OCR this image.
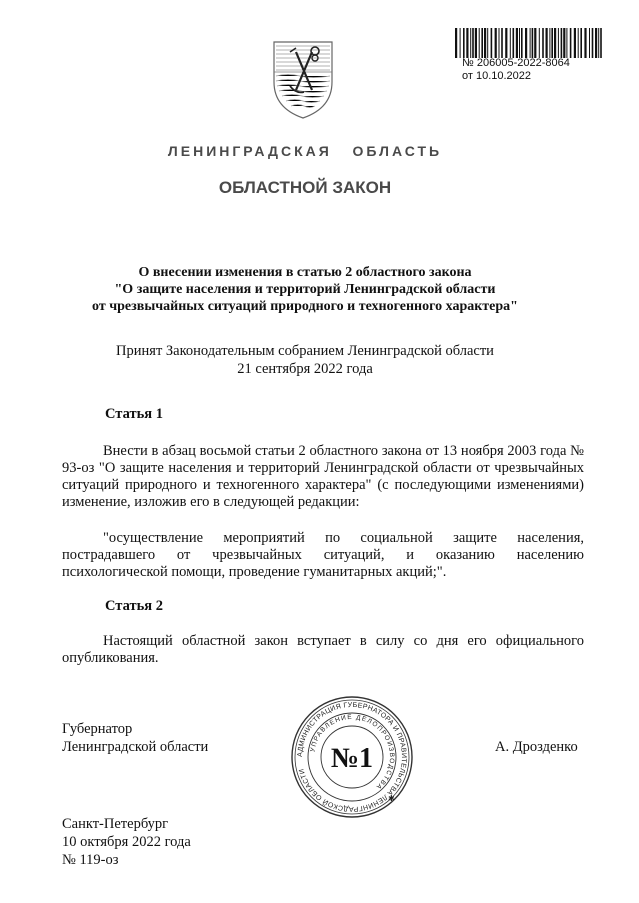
№ 206005-2022-8064
от 10.10.2022
ЛЕНИНГРАДСКАЯ   ОБЛАСТЬ
ОБЛАСТНОЙ ЗАКОН
О внесении изменения в статью 2 областного закона
"О защите населения и территорий Ленинградской области
от чрезвычайных ситуаций природного и техногенного характера"
Принят Законодательным собранием Ленинградской области
21 сентября 2022 года
Статья 1
Внести в абзац восьмой статьи 2 областного закона от 13 ноября 2003 года № 93-оз "О защите населения и территорий Ленинградской области от чрезвычайных ситуаций природного и техногенного характера" (с последующими изменениями) изменение, изложив его в следующей редакции:
"осуществление мероприятий по социальной защите населения, пострадавшего от чрезвычайных ситуаций, и оказанию населению психологической помощи, проведение гуманитарных акций;".
Статья 2
Настоящий областной закон вступает в силу со дня его официального опубликования.
Губернатор
Ленинградской области	А. Дрозденко
АДМИНИСТРАЦИЯ ГУБЕРНАТОРА И ПРАВИТЕЛЬСТВА ЛЕНИНГРАДСКОЙ ОБЛАСТИ
УПРАВЛЕНИЕ ДЕЛОПРОИЗВОДСТВА
№1
✱
Санкт-Петербург
10 октября 2022 года
№ 119-оз
